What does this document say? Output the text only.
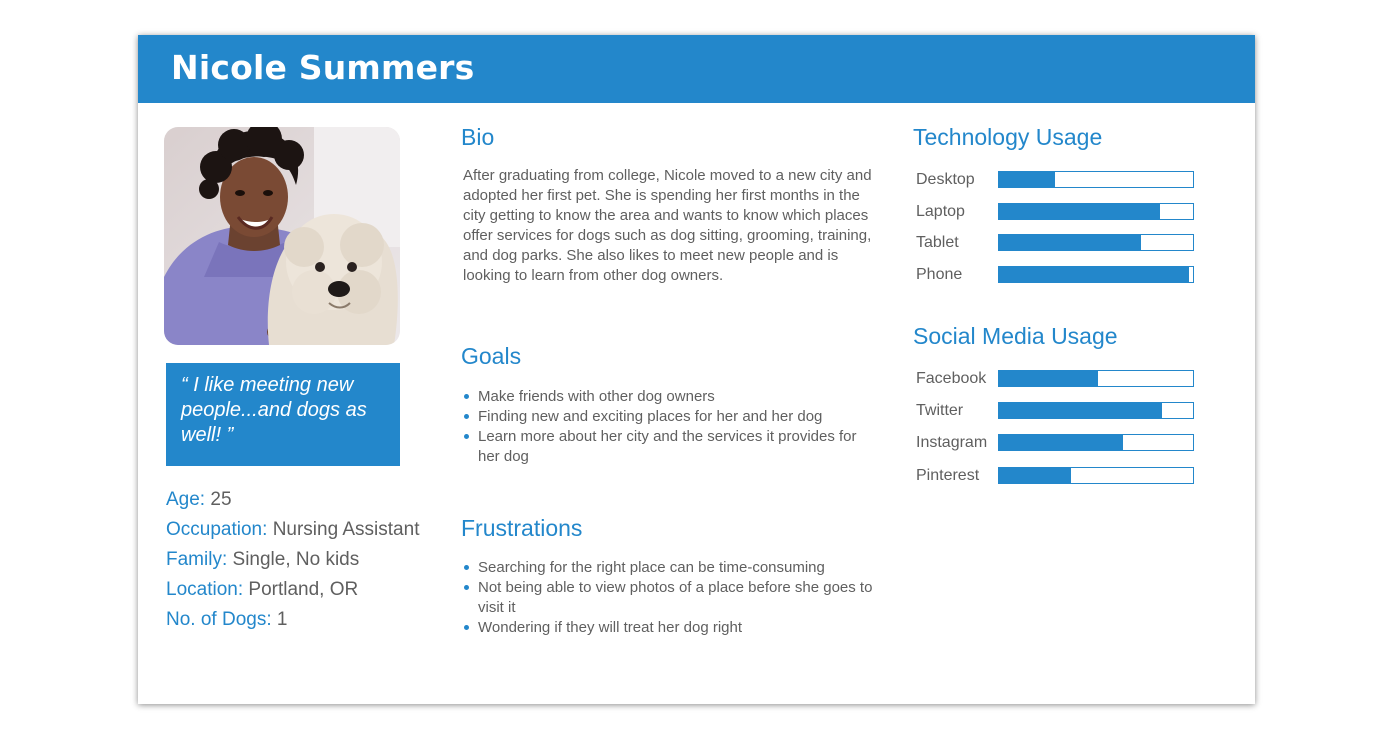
Nicole Summers
“ I like meeting new people...and dogs as well! ”
Age: 25
Occupation: Nursing Assistant
Family: Single, No kids
Location: Portland, OR
No. of Dogs: 1
Bio
After graduating from college, Nicole moved to a new city and adopted her first pet. She is spending her first months in the city getting to know the area and wants to know which places offer services for dogs such as dog sitting, grooming, training, and dog parks. She also likes to meet new people and is looking to learn from other dog owners.
Goals
Make friends with other dog owners
Finding new and exciting places for her and her dog
Learn more about her city and the services it provides for her dog
Frustrations
Searching for the right place can be time-consuming
Not being able to view photos of a place before she goes to visit it
Wondering if they will treat her dog right
Technology Usage
Desktop
Laptop
Tablet
Phone
Social Media Usage
Facebook
Twitter
Instagram
Pinterest
